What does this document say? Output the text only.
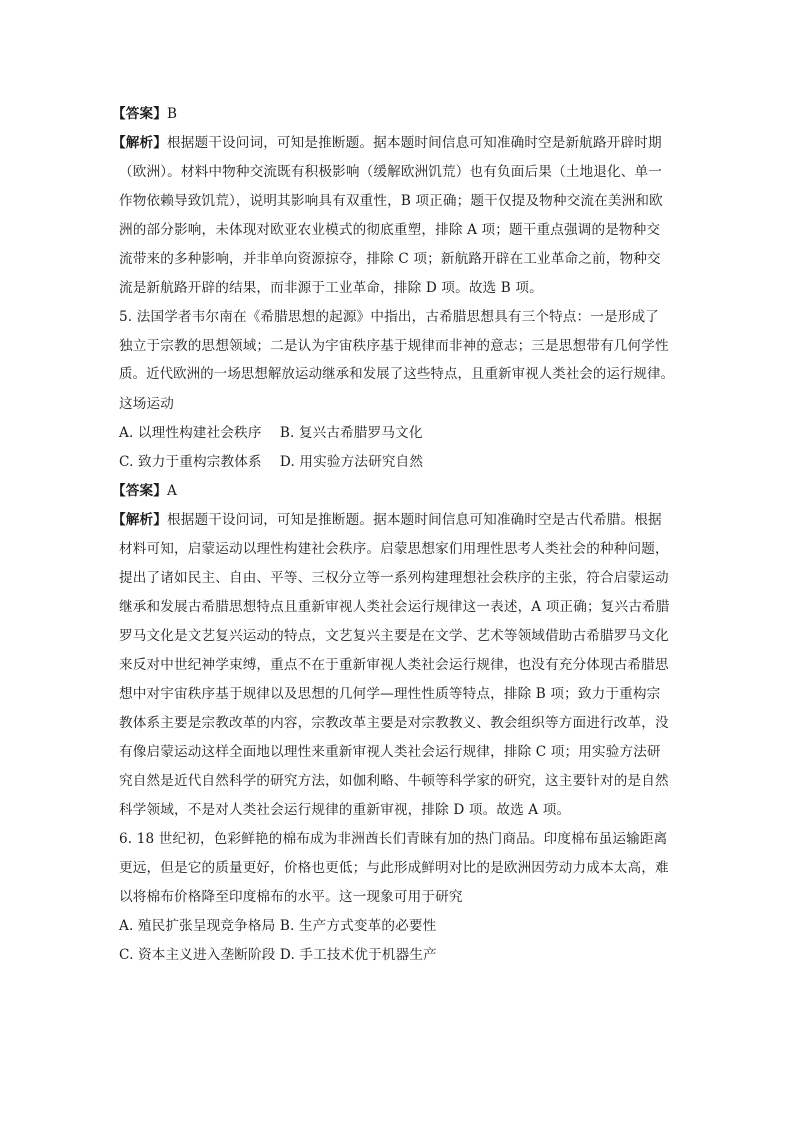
【答案】B
【解析】根据题干设问词，可知是推断题。据本题时间信息可知准确时空是新航路开辟时期
（欧洲）。材料中物种交流既有积极影响（缓解欧洲饥荒）也有负面后果（土地退化、单一
作物依赖导致饥荒），说明其影响具有双重性，B 项正确；题干仅提及物种交流在美洲和欧
洲的部分影响，未体现对欧亚农业模式的彻底重塑，排除 A 项；题干重点强调的是物种交
流带来的多种影响，并非单向资源掠夺，排除 C 项；新航路开辟在工业革命之前，物种交
流是新航路开辟的结果，而非源于工业革命，排除 D 项。故选 B 项。
5. 法国学者韦尔南在《希腊思想的起源》中指出，古希腊思想具有三个特点：一是形成了
独立于宗教的思想领域；二是认为宇宙秩序基于规律而非神的意志；三是思想带有几何学性
质。近代欧洲的一场思想解放运动继承和发展了这些特点，且重新审视人类社会的运行规律。
这场运动
A. 以理性构建社会秩序　 B. 复兴古希腊罗马文化
C. 致力于重构宗教体系　 D. 用实验方法研究自然
【答案】A
【解析】根据题干设问词，可知是推断题。据本题时间信息可知准确时空是古代希腊。根据
材料可知，启蒙运动以理性构建社会秩序。启蒙思想家们用理性思考人类社会的种种问题，
提出了诸如民主、自由、平等、三权分立等一系列构建理想社会秩序的主张，符合启蒙运动
继承和发展古希腊思想特点且重新审视人类社会运行规律这一表述，A 项正确；复兴古希腊
罗马文化是文艺复兴运动的特点，文艺复兴主要是在文学、艺术等领域借助古希腊罗马文化
来反对中世纪神学束缚，重点不在于重新审视人类社会运行规律，也没有充分体现古希腊思
想中对宇宙秩序基于规律以及思想的几何学—理性性质等特点，排除 B 项；致力于重构宗
教体系主要是宗教改革的内容，宗教改革主要是对宗教教义、教会组织等方面进行改革，没
有像启蒙运动这样全面地以理性来重新审视人类社会运行规律，排除 C 项；用实验方法研
究自然是近代自然科学的研究方法，如伽利略、牛顿等科学家的研究，这主要针对的是自然
科学领域，不是对人类社会运行规律的重新审视，排除 D 项。故选 A 项。
6. 18 世纪初，色彩鲜艳的棉布成为非洲酋长们青睐有加的热门商品。印度棉布虽运输距离
更远，但是它的质量更好，价格也更低；与此形成鲜明对比的是欧洲因劳动力成本太高，难
以将棉布价格降至印度棉布的水平。这一现象可用于研究
A. 殖民扩张呈现竞争格局 B. 生产方式变革的必要性
C. 资本主义进入垄断阶段 D. 手工技术优于机器生产
